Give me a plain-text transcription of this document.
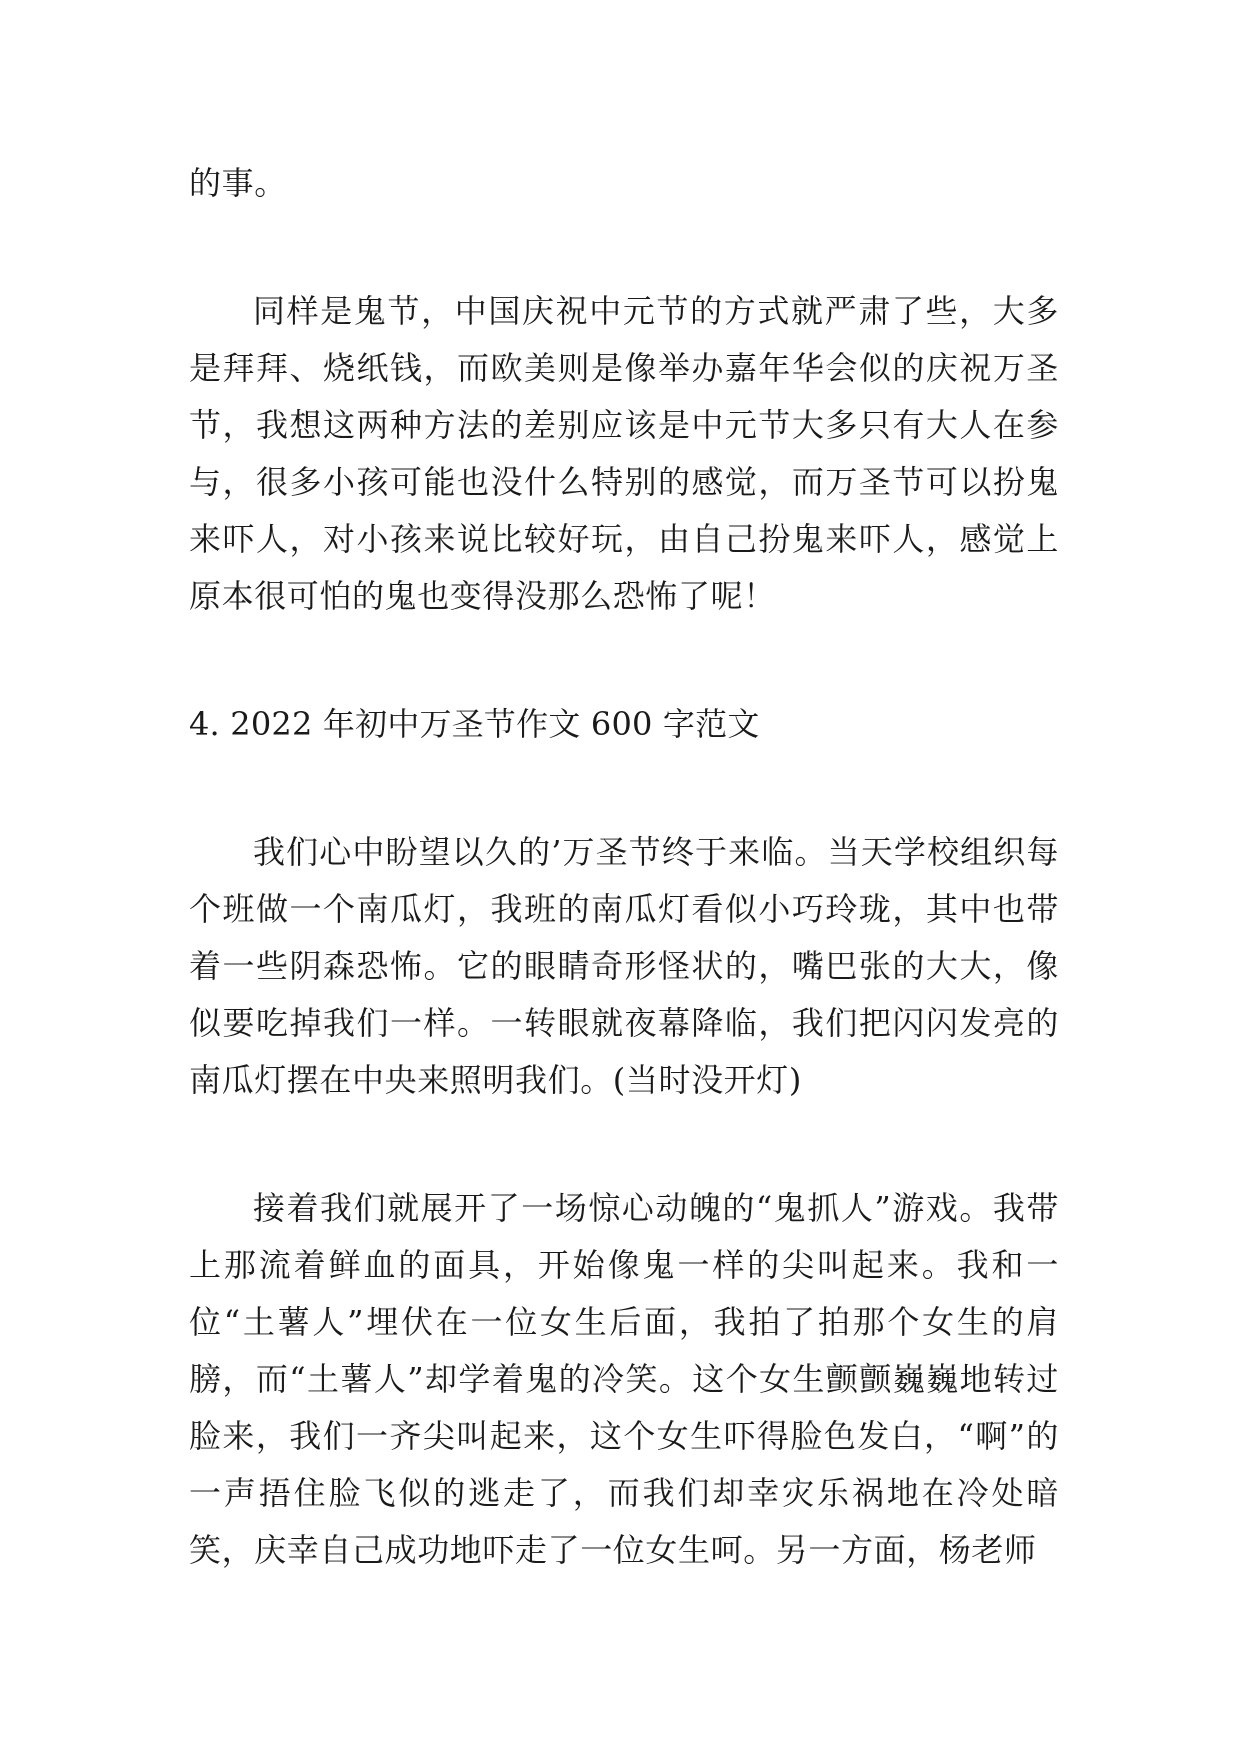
的事。

同样是鬼节，中国庆祝中元节的方式就严肃了些，大多是拜拜、烧纸钱，而欧美则是像举办嘉年华会似的庆祝万圣节，我想这两种方法的差别应该是中元节大多只有大人在参与，很多小孩可能也没什么特别的感觉，而万圣节可以扮鬼来吓人，对小孩来说比较好玩，由自己扮鬼来吓人，感觉上原本很可怕的鬼也变得没那么恐怖了呢！

4. 2022 年初中万圣节作文 600 字范文

我们心中盼望以久的’万圣节终于来临。当天学校组织每个班做一个南瓜灯，我班的南瓜灯看似小巧玲珑，其中也带着一些阴森恐怖。它的眼睛奇形怪状的，嘴巴张的大大，像似要吃掉我们一样。一转眼就夜幕降临，我们把闪闪发亮的南瓜灯摆在中央来照明我们。(当时没开灯)

接着我们就展开了一场惊心动魄的“鬼抓人”游戏。我带上那流着鲜血的面具，开始像鬼一样的尖叫起来。我和一位“土薯人”埋伏在一位女生后面，我拍了拍那个女生的肩膀，而“土薯人”却学着鬼的冷笑。这个女生颤颤巍巍地转过脸来，我们一齐尖叫起来，这个女生吓得脸色发白，“啊”的一声捂住脸飞似的逃走了，而我们却幸灾乐祸地在冷处暗笑，庆幸自己成功地吓走了一位女生呵。另一方面，杨老师
